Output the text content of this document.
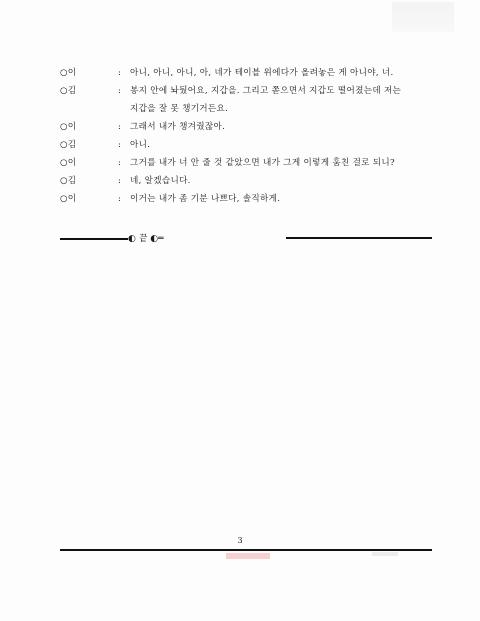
○이	:	아니, 아니, 아니, 아, 네가 테이블 위에다가 올려놓은 게 아니야, 너.
○김	:	봉지 안에 놔뒀어요, 지갑을. 그리고 쫃으면서 지갑도 떨어졌는데 저는
지갑을 잘 못 챙기거든요.
○이	:	그래서 내가 챙겨줬잖아.
○김	:	아니.
○이	:	그거를 내가 너 안 줄 것 같았으면 내가 그게 이렇게 훔친 걸로 되니?
○김	:	네, 알겠습니다.
○이	:	이거는 내가 좀 기분 나쁘다, 솔직하게.
◐ 끝 ◐═
3
